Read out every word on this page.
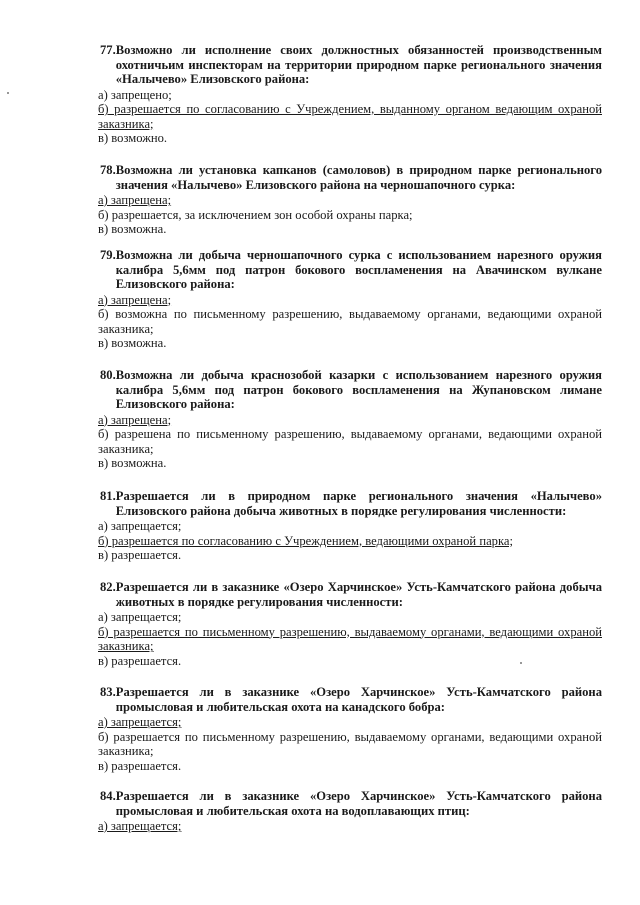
77. Возможно ли исполнение своих должностных обязанностей производственным охотничьим инспекторам на территории природном парке регионального значения «Налычево» Елизовского района:
а) запрещено;
б) разрешается по согласованию с Учреждением, выданному органом ведающим охраной заказника;
в) возможно.
78. Возможна ли установка капканов (самоловов) в природном парке регионального значения «Налычево» Елизовского района на черношапочного сурка:
а) запрещена;
б) разрешается, за исключением зон особой охраны парка;
в) возможна.
79. Возможна ли добыча черношапочного сурка с использованием нарезного оружия калибра 5,6мм под патрон бокового воспламенения на Авачинском вулкане Елизовского района:
а) запрещена;
б) возможна по письменному разрешению, выдаваемому органами, ведающими охраной заказника;
в) возможна.
80. Возможна ли добыча краснозобой казарки с использованием нарезного оружия калибра 5,6мм под патрон бокового воспламенения на Жупановском лимане Елизовского района:
а) запрещена;
б) разрешена по письменному разрешению, выдаваемому органами, ведающими охраной заказника;
в) возможна.
81. Разрешается ли в природном парке регионального значения «Налычево» Елизовского района добыча животных в порядке регулирования численности:
а) запрещается;
б) разрешается по согласованию с Учреждением, ведающими охраной парка;
в) разрешается.
82. Разрешается ли в заказнике «Озеро Харчинское» Усть-Камчатского района добыча животных в порядке регулирования численности:
а) запрещается;
б) разрешается по письменному разрешению, выдаваемому органами, ведающими охраной заказника;
в) разрешается.
83. Разрешается ли в заказнике «Озеро Харчинское» Усть-Камчатского района промысловая и любительская охота на канадского бобра:
а) запрещается;
б) разрешается по письменному разрешению, выдаваемому органами, ведающими охраной заказника;
в) разрешается.
84. Разрешается ли в заказнике «Озеро Харчинское» Усть-Камчатского района промысловая и любительская охота на водоплавающих птиц:
а) запрещается;
